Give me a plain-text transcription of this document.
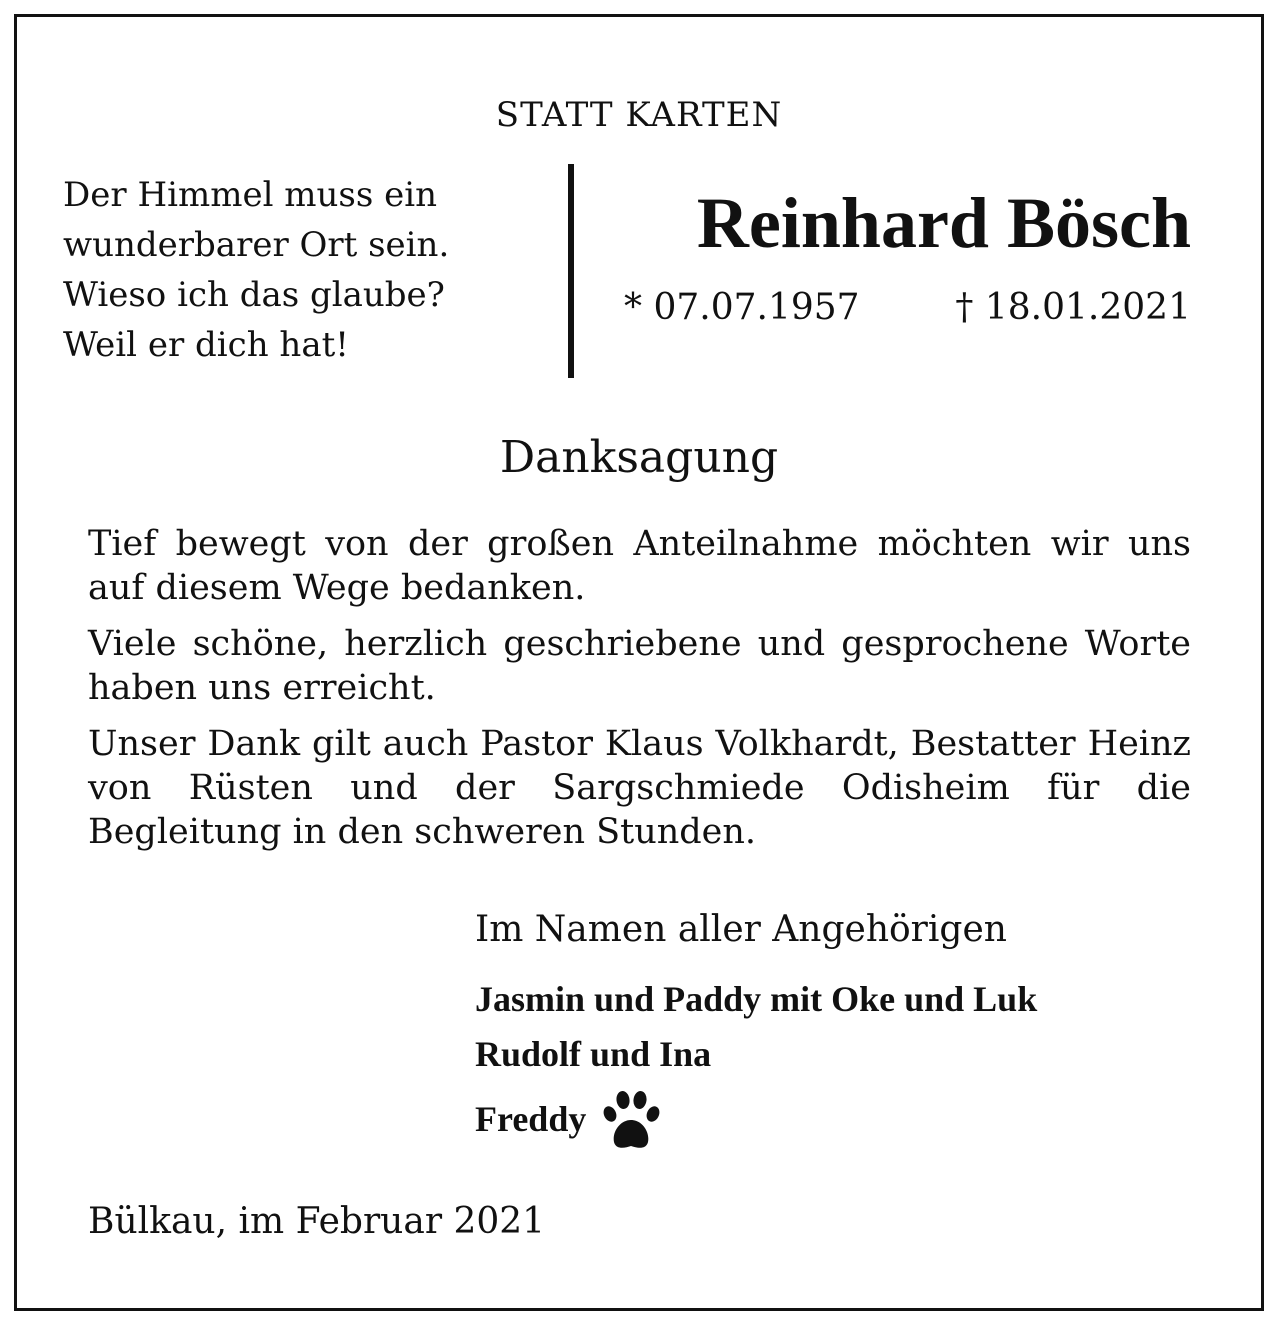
STATT KARTEN
Der Himmel muss ein
wunderbarer Ort sein.
Wieso ich das glaube?
Weil er dich hat!
Reinhard Bösch
* 07.07.1957	† 18.01.2021
Danksagung

Tief bewegt von der großen Anteilnahme möchten wir uns auf diesem Wege bedanken.

Viele schöne, herzlich geschriebene und gesprochene Worte haben uns erreicht.

Unser Dank gilt auch Pastor Klaus Volkhardt, Bestatter Heinz von Rüsten und der Sargschmiede Odisheim für die Begleitung in den schweren Stunden.

Im Namen aller Angehörigen
Jasmin und Paddy mit Oke und Luk
Rudolf und Ina
Freddy
Bülkau, im Februar 2021
